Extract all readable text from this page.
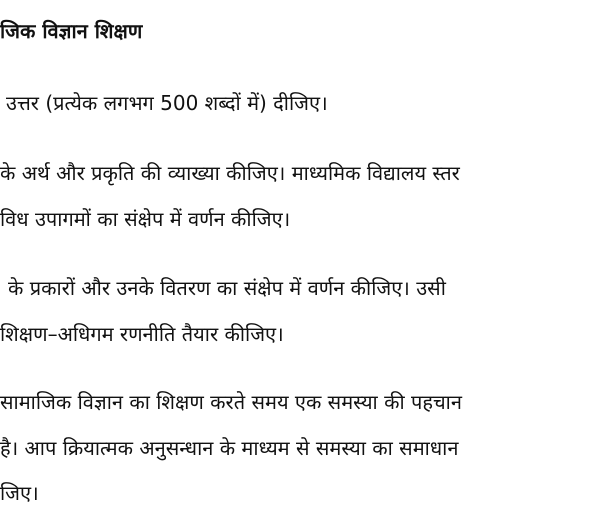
जिक विज्ञान शिक्षण
उत्तर (प्रत्येक लगभग 500 शब्दों में) दीजिए।
के अर्थ और प्रकृति की व्याख्या कीजिए। माध्यमिक विद्यालय स्तर
विध उपागमों का संक्षेप में वर्णन कीजिए।
के प्रकारों और उनके वितरण का संक्षेप में वर्णन कीजिए। उसी
शिक्षण–अधिगम रणनीति तैयार कीजिए।
सामाजिक विज्ञान का शिक्षण करते समय एक समस्या की पहचान
है। आप क्रियात्मक अनुसन्धान के माध्यम से समस्या का समाधान
जिए।
